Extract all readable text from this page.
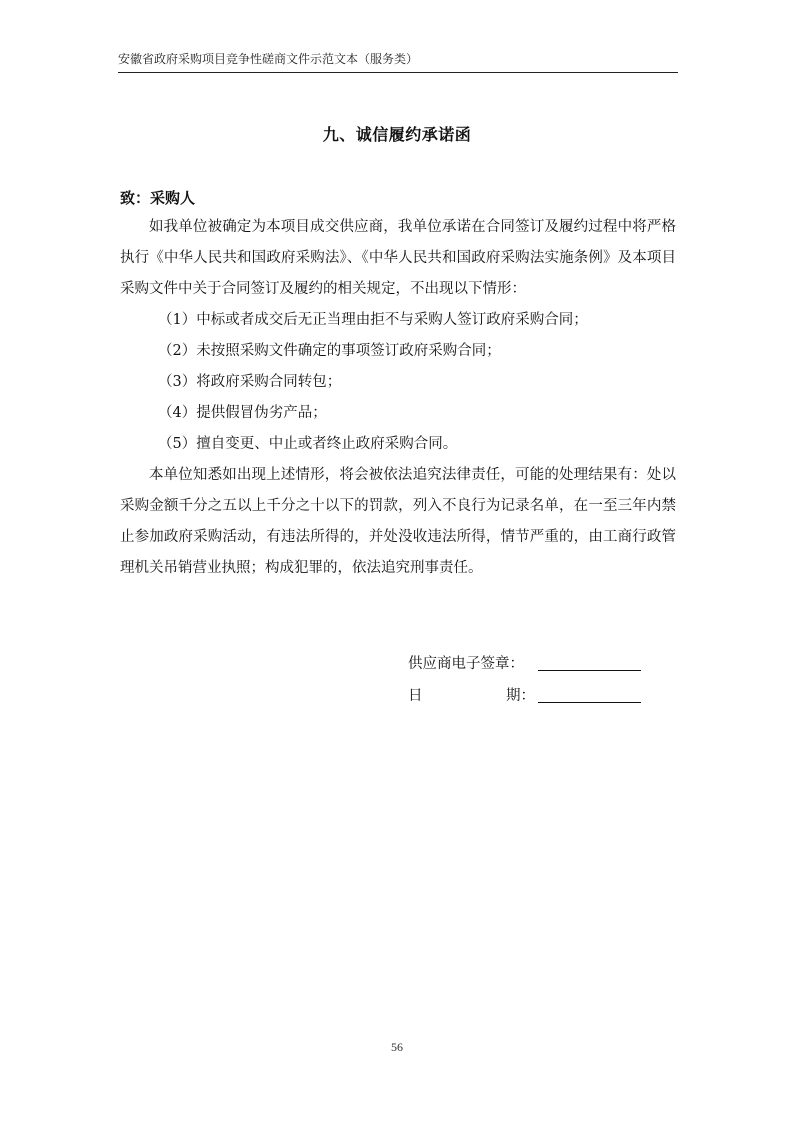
安徽省政府采购项目竞争性磋商文件示范文本（服务类）
九、诚信履约承诺函
致：采购人
如我单位被确定为本项目成交供应商，我单位承诺在合同签订及履约过程中将严格执行《中华人民共和国政府采购法》、《中华人民共和国政府采购法实施条例》及本项目采购文件中关于合同签订及履约的相关规定，不出现以下情形：
（1）中标或者成交后无正当理由拒不与采购人签订政府采购合同；
（2）未按照采购文件确定的事项签订政府采购合同；
（3）将政府采购合同转包；
（4）提供假冒伪劣产品；
（5）擅自变更、中止或者终止政府采购合同。
本单位知悉如出现上述情形，将会被依法追究法律责任，可能的处理结果有：处以采购金额千分之五以上千分之十以下的罚款，列入不良行为记录名单，在一至三年内禁止参加政府采购活动，有违法所得的，并处没收违法所得，情节严重的，由工商行政管理机关吊销营业执照；构成犯罪的，依法追究刑事责任。
供应商电子签章：
日	期：
56
